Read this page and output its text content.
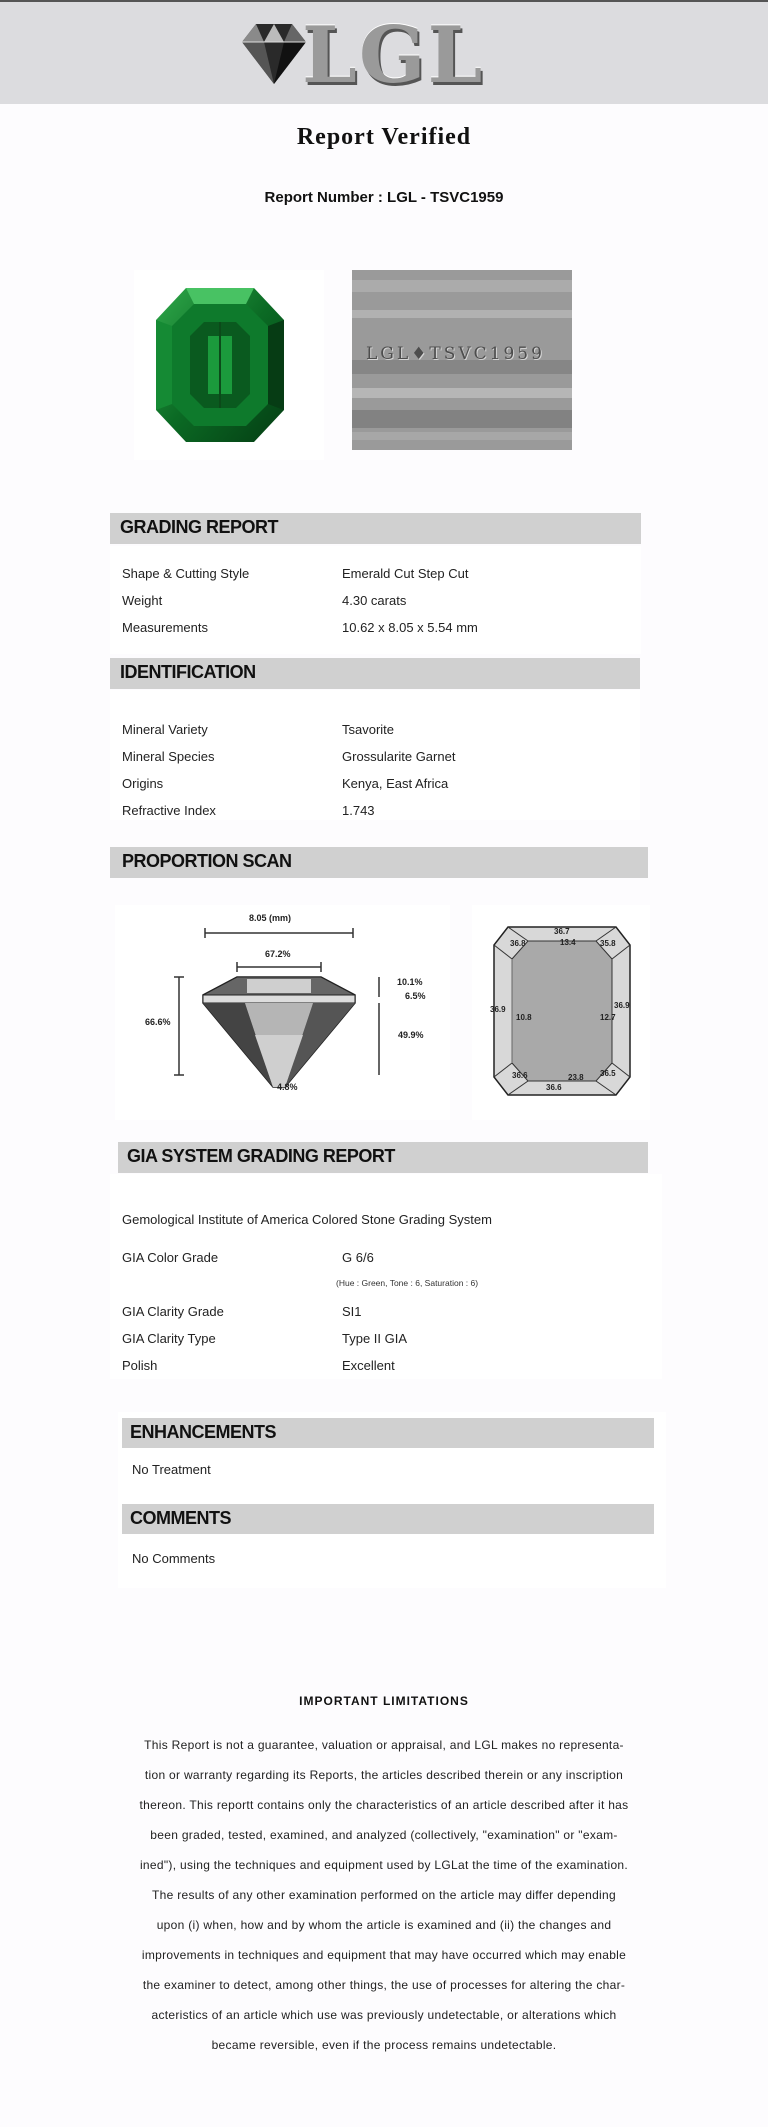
LGL
Report Verified
Report Number : LGL - TSVC1959
LGL♦TSVC1959
GRADING REPORT
Shape & Cutting Style	Emerald Cut Step Cut
Weight	4.30 carats
Measurements	10.62 x 8.05 x 5.54 mm
IDENTIFICATION
Mineral Variety	Tsavorite
Mineral Species	Grossularite Garnet
Origins	Kenya, East Africa
Refractive Index	1.743
PROPORTION SCAN
8.05 (mm)
67.2%
66.6%
10.1%
6.5%
49.9%
4.8%
36.7
13.4
36.8	35.8
36.9
10.8	12.7
36.9
36.6	23.8
36.6
36.5
GIA SYSTEM GRADING REPORT
Gemological Institute of America Colored Stone Grading System
GIA Color Grade	G 6/6
(Hue : Green, Tone : 6, Saturation : 6)
GIA Clarity Grade	SI1
GIA Clarity Type	Type II GIA
Polish	Excellent
ENHANCEMENTS
No Treatment
COMMENTS
No Comments
IMPORTANT LIMITATIONS
This Report is not a guarantee, valuation or appraisal, and LGL makes no representa-
tion or warranty regarding its Reports, the articles described therein or any inscription
thereon. This reportt contains only the characteristics of an article described after it has
been graded, tested, examined, and analyzed (collectively, "examination" or "exam-
ined"), using the techniques and equipment used by LGLat the time of the examination.
The results of any other examination performed on the article may differ depending
upon (i) when, how and by whom the article is examined and (ii) the changes and
improvements in techniques and equipment that may have occurred which may enable
the examiner to detect, among other things, the use of processes for altering the char-
acteristics of an article which use was previously undetectable, or alterations which
became reversible, even if the process remains undetectable.
